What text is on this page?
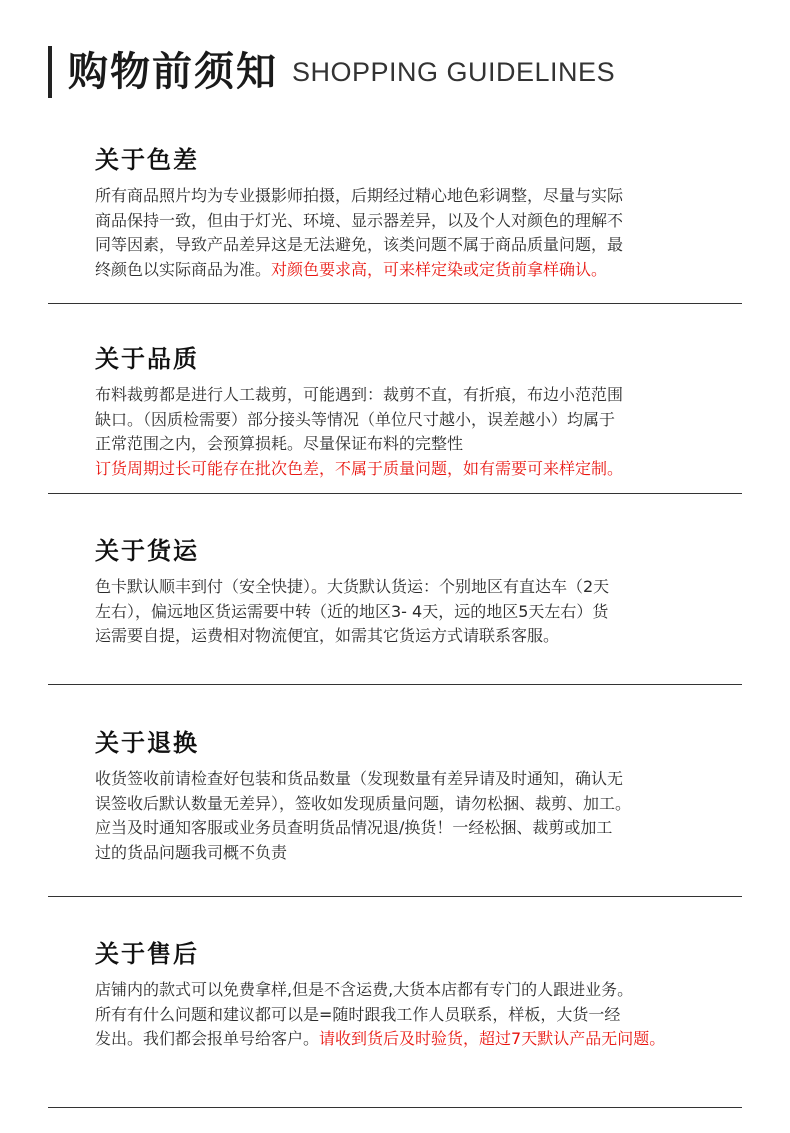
购物前须知 SHOPPING GUIDELINES
关于色差

所有商品照片均为专业摄影师拍摄，后期经过精心地色彩调整，尽量与实际
商品保持一致，但由于灯光、环境、显示器差异，以及个人对颜色的理解不
同等因素，导致产品差异这是无法避免，该类问题不属于商品质量问题，最
终颜色以实际商品为准。对颜色要求高，可来样定染或定货前拿样确认。

关于品质

布料裁剪都是进行人工裁剪，可能遇到：裁剪不直，有折痕，布边小范范围
缺口。（因质检需要）部分接头等情况（单位尺寸越小，误差越小）均属于
正常范围之内，会预算损耗。尽量保证布料的完整性
订货周期过长可能存在批次色差，不属于质量问题，如有需要可来样定制。

关于货运

色卡默认顺丰到付（安全快捷）。大货默认货运：个别地区有直达车（2天
左右），偏远地区货运需要中转（近的地区3- 4天，远的地区5天左右）货
运需要自提，运费相对物流便宜，如需其它货运方式请联系客服。

关于退换

收货签收前请检查好包装和货品数量（发现数量有差异请及时通知，确认无
误签收后默认数量无差异），签收如发现质量问题，请勿松捆、裁剪、加工。
应当及时通知客服或业务员查明货品情况退/换货！一经松捆、裁剪或加工
过的货品问题我司概不负责

关于售后

店铺内的款式可以免费拿样,但是不含运费,大货本店都有专门的人跟进业务。
所有有什么问题和建议都可以是=随时跟我工作人员联系，样板，大货一经
发出。我们都会报单号给客户。请收到货后及时验货，超过7天默认产品无问题。
